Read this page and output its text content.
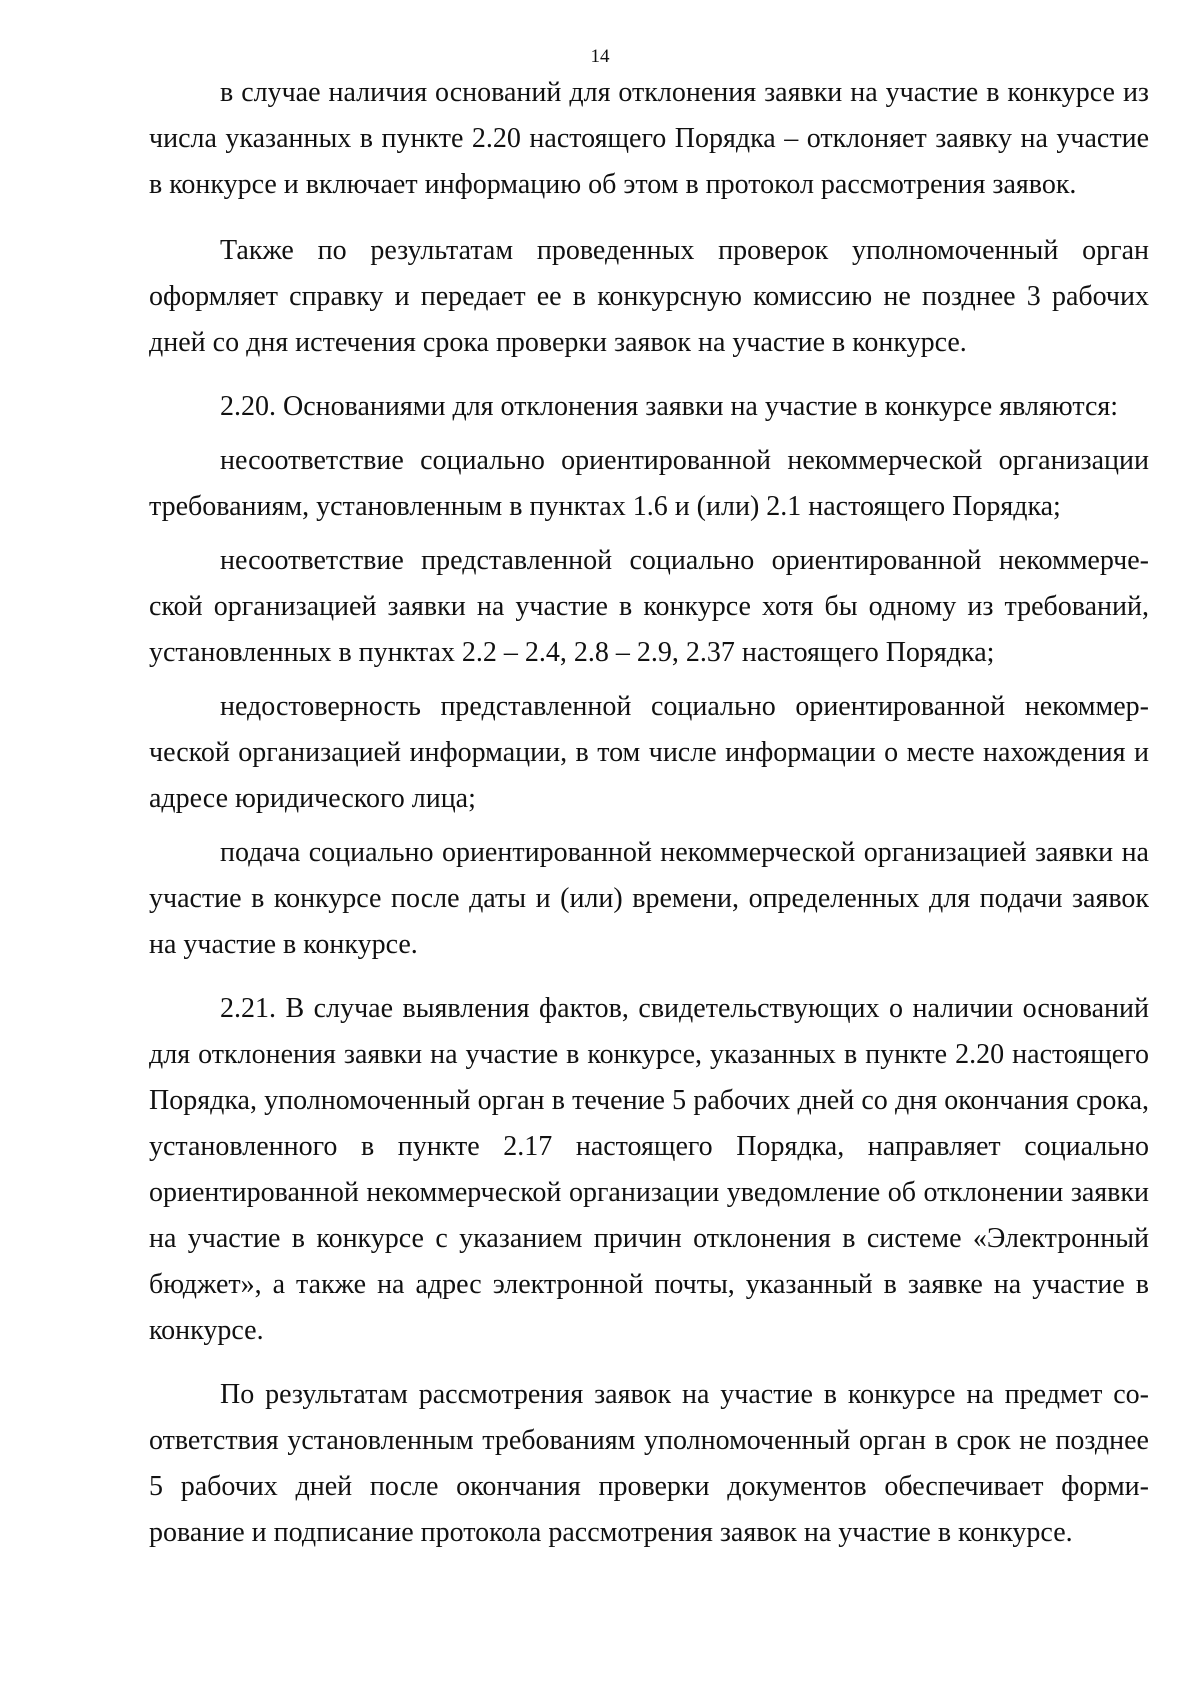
14

в случае наличия оснований для отклонения заявки на участие в конкурсе из числа указанных в пункте 2.20 настоящего Порядка – отклоняет заявку на участие в конкурсе и включает информацию об этом в протокол рассмотрения заявок.

Также по результатам проведенных проверок уполномоченный орган оформляет справку и передает ее в конкурсную комиссию не позднее 3 рабочих дней со дня истечения срока проверки заявок на участие в конкурсе.

2.20. Основаниями для отклонения заявки на участие в конкурсе являются:

несоответствие социально ориентированной некоммерческой организации требованиям, установленным в пунктах 1.6 и (или) 2.1 настоящего Порядка;

несоответствие представленной социально ориентированной некоммерческой организацией заявки на участие в конкурсе хотя бы одному из требований, установленных в пунктах 2.2 – 2.4, 2.8 – 2.9, 2.37 настоящего Порядка;

недостоверность представленной социально ориентированной некоммерческой организацией информации, в том числе информации о месте нахождения и адресе юридического лица;

подача социально ориентированной некоммерческой организацией заявки на участие в конкурсе после даты и (или) времени, определенных для подачи заявок на участие в конкурсе.

2.21. В случае выявления фактов, свидетельствующих о наличии оснований для отклонения заявки на участие в конкурсе, указанных в пункте 2.20 настоящего Порядка, уполномоченный орган в течение 5 рабочих дней со дня окончания срока, установленного в пункте 2.17 настоящего Порядка, направляет социально ориентированной некоммерческой организации уведомление об отклонении заявки на участие в конкурсе с указанием причин отклонения в системе «Электронный бюджет», а также на адрес электронной почты, указанный в заявке на участие в конкурсе.

По результатам рассмотрения заявок на участие в конкурсе на предмет соответствия установленным требованиям уполномоченный орган в срок не позднее 5 рабочих дней после окончания проверки документов обеспечивает формирование и подписание протокола рассмотрения заявок на участие в конкурсе.
